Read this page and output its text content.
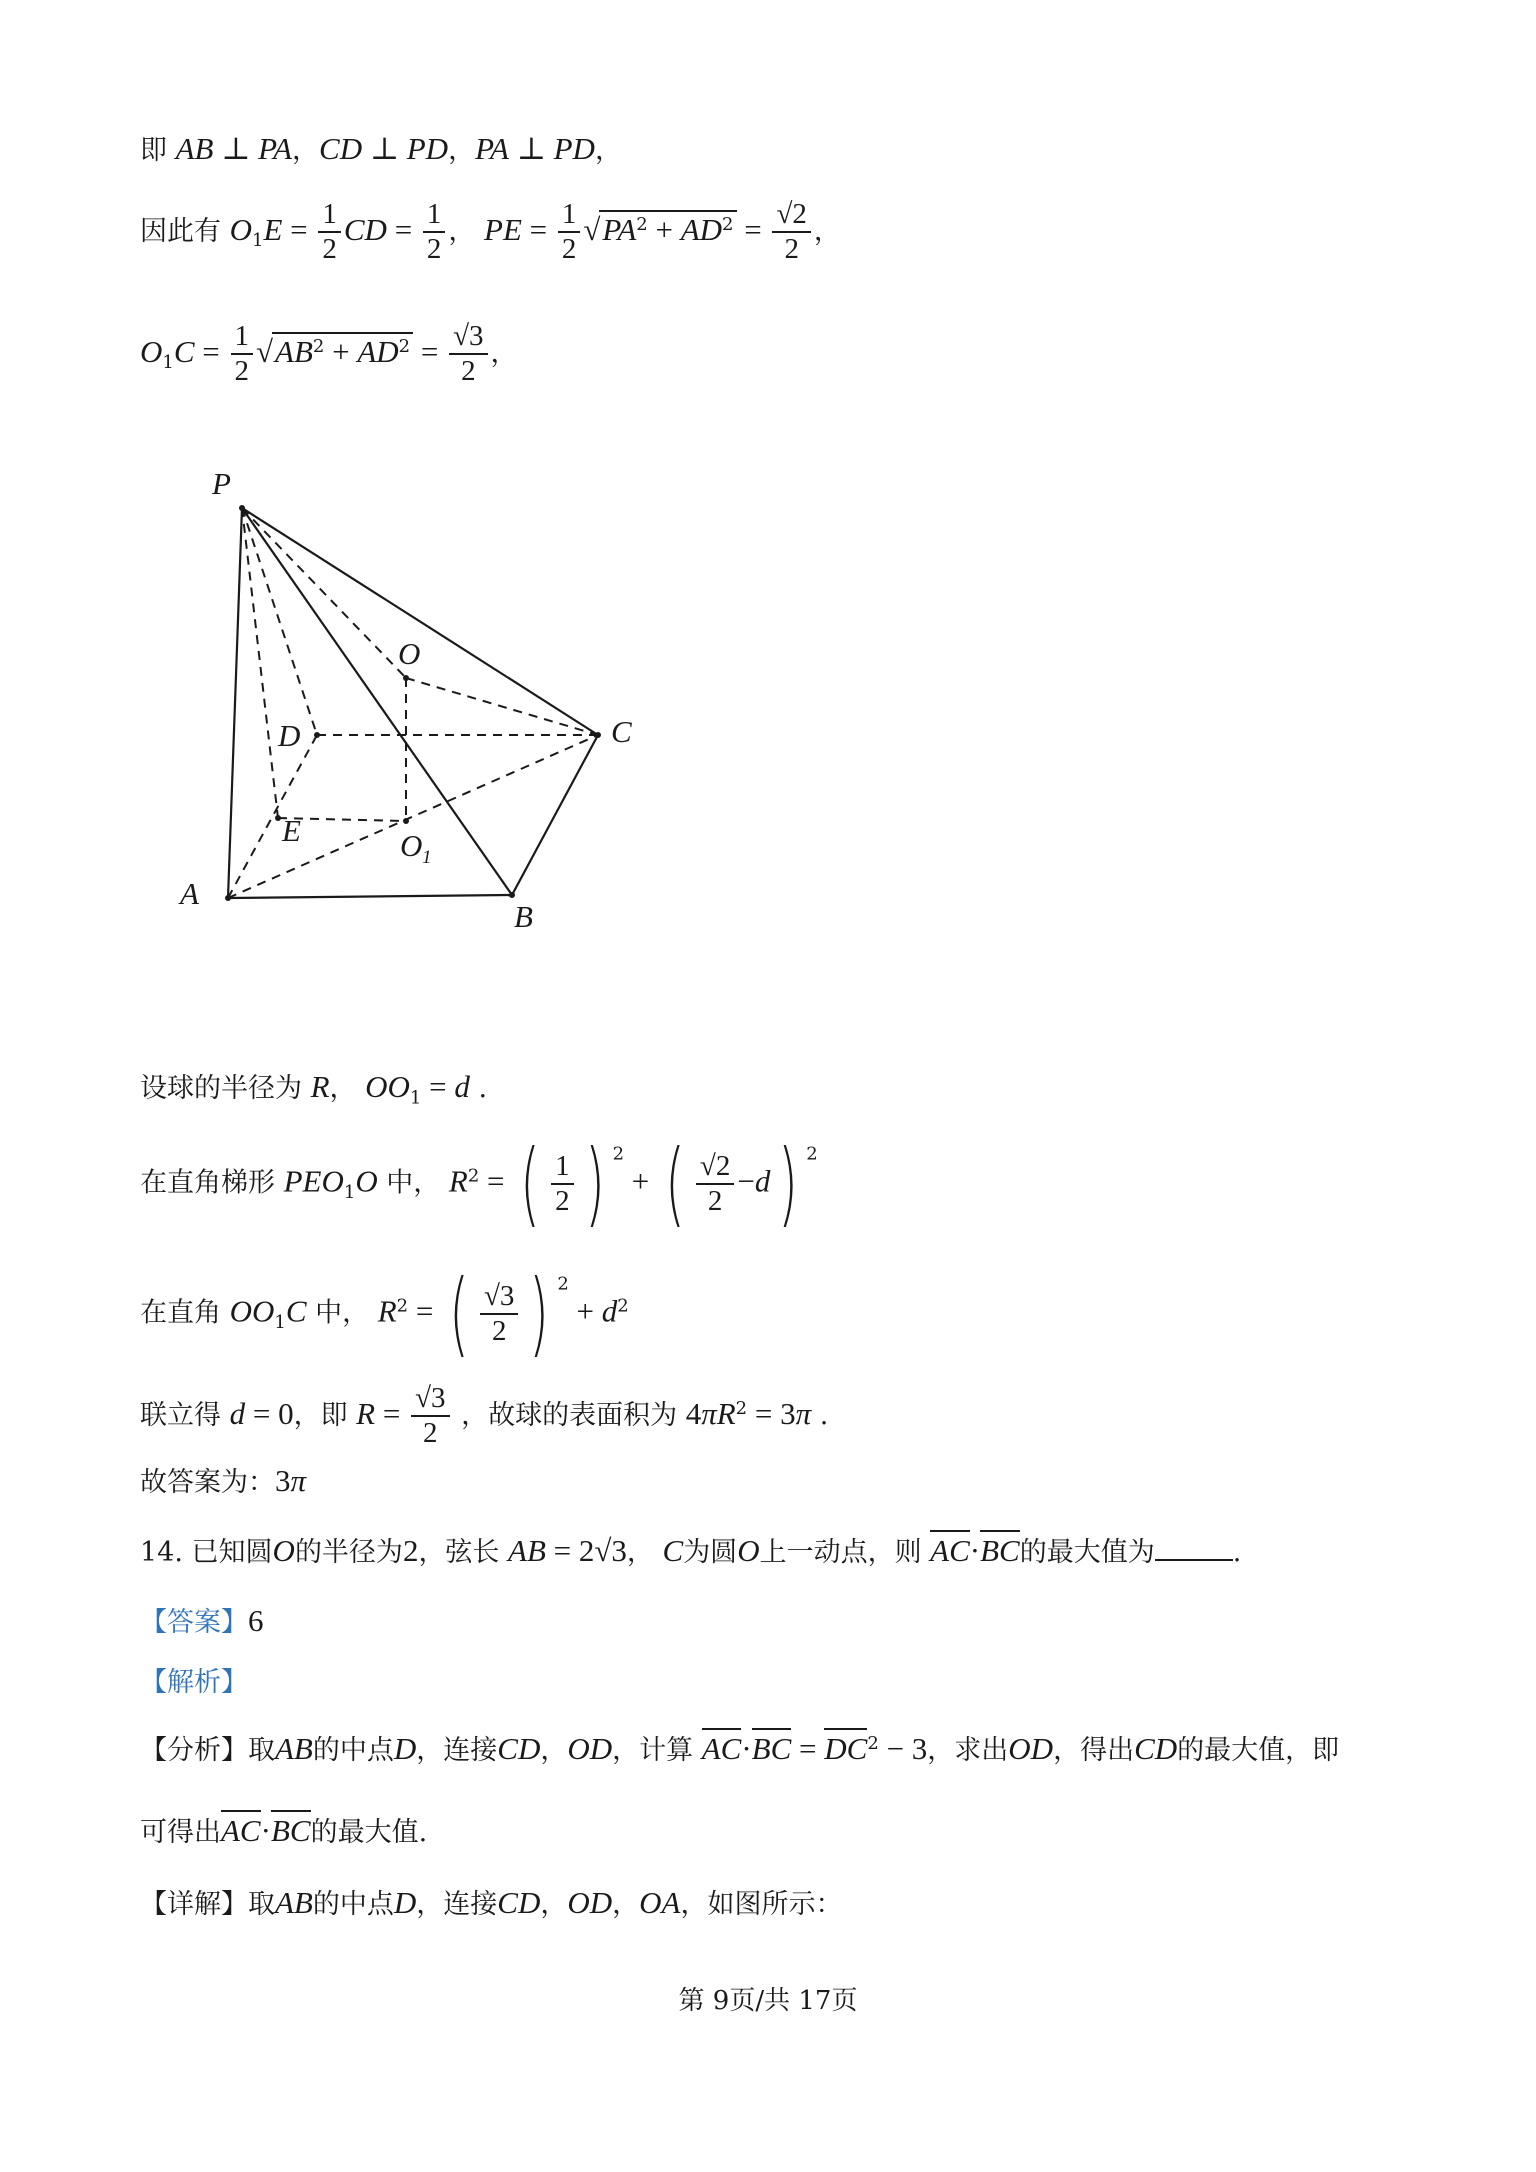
即 AB ⊥ PA，CD ⊥ PD，PA ⊥ PD，
因此有 $O_1E = \frac{1}{2}$ CD = $\frac{1}{2}$ ， PE = $\frac{1}{2} √PA^2 + AD^2 = \frac{√2}{2}$ ，
$O_1C = \frac{1}{2} √AB^2 + AD^2 = \frac{√3}{2}$ ，
P
O
D	C
E	O 1
A
B
设球的半径为 R， $OO_1 = d$ .
在直角梯形 $PEO_1O$ 中， $R^2$ = ( $\frac{1}{2}$ ) $^2$ + ( $\frac{√2}{2} -d$) $^2$
在直角 $OO_1C$ 中， $R^2$ = ( $\frac{√3}{2}$ ) $^2 + d^2$
联立得 d = 0，即 $R = \frac{√3}{2}$ ，故球的表面积为 $4\pi R^2 = 3\pi$ .
故答案为：3π
14. 已知圆O的半径为2，弦长 AB = 2√3， C为圆O上一动点，则 AC·BC的最大值为	.
【答案】6
【解析】
【分析】取AB的中点D，连接CD，OD，计算 $AC\cdot BC = DC^2 - 3$，求出OD，得出CD的最大值，即
可得出AC·BC的最大值.
【详解】取AB的中点D，连接CD，OD，OA，如图所示：
第 9页/共 17页
